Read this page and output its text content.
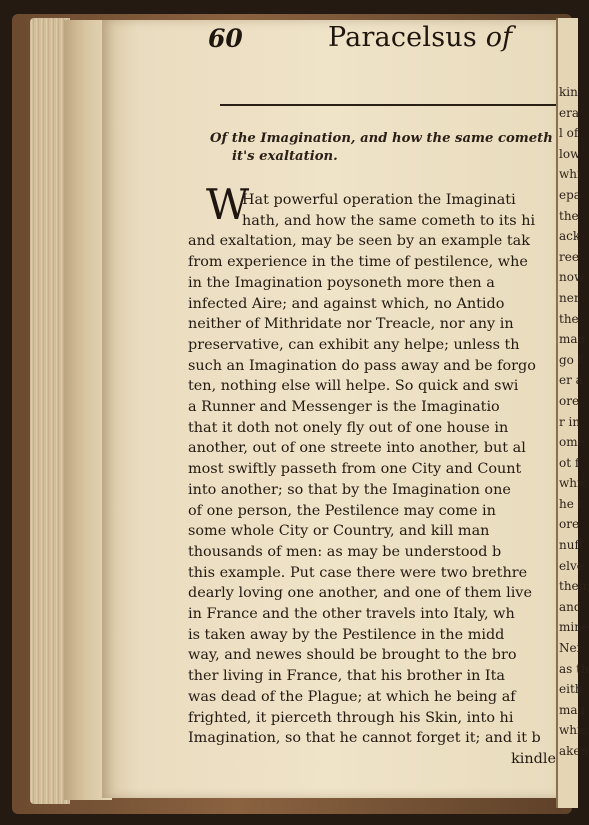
kin
era
l of
low
whi
epa
the
ack
ree
now
ner
the
man
go f
er a
ore
r in
ome
ot f
whic
he t
ore
nuft
elve
their
and
mine
Nei
as th
eith
mag
whic
aken
60	Paracelsus of
Of the Imagination, and how the same cometh
it's exaltation.
W
Hat powerful operation the Imaginati
hath, and how the same cometh to its hi
and exaltation, may be seen by an example tak
from experience in the time of pestilence, whe
in the Imagination poysoneth more then a
infected Aire; and against which, no Antido
neither of Mithridate nor Treacle, nor any in
preservative, can exhibit any helpe; unless th
such an Imagination do pass away and be forgo
ten, nothing else will helpe. So quick and swi
a Runner and Messenger is the Imaginatio
that it doth not onely fly out of one house in
another, out of one streete into another, but al
most swiftly passeth from one City and Count
into another; so that by the Imagination one
of one person, the Pestilence may come in
some whole City or Country, and kill man
thousands of men: as may be understood b
this example. Put case there were two brethre
dearly loving one another, and one of them live
in France and the other travels into Italy, wh
is taken away by the Pestilence in the midd
way, and newes should be brought to the bro
ther living in France, that his brother in Ita
was dead of the Plague; at which he being af
frighted, it pierceth through his Skin, into hi
Imagination, so that he cannot forget it; and it b
kindle
